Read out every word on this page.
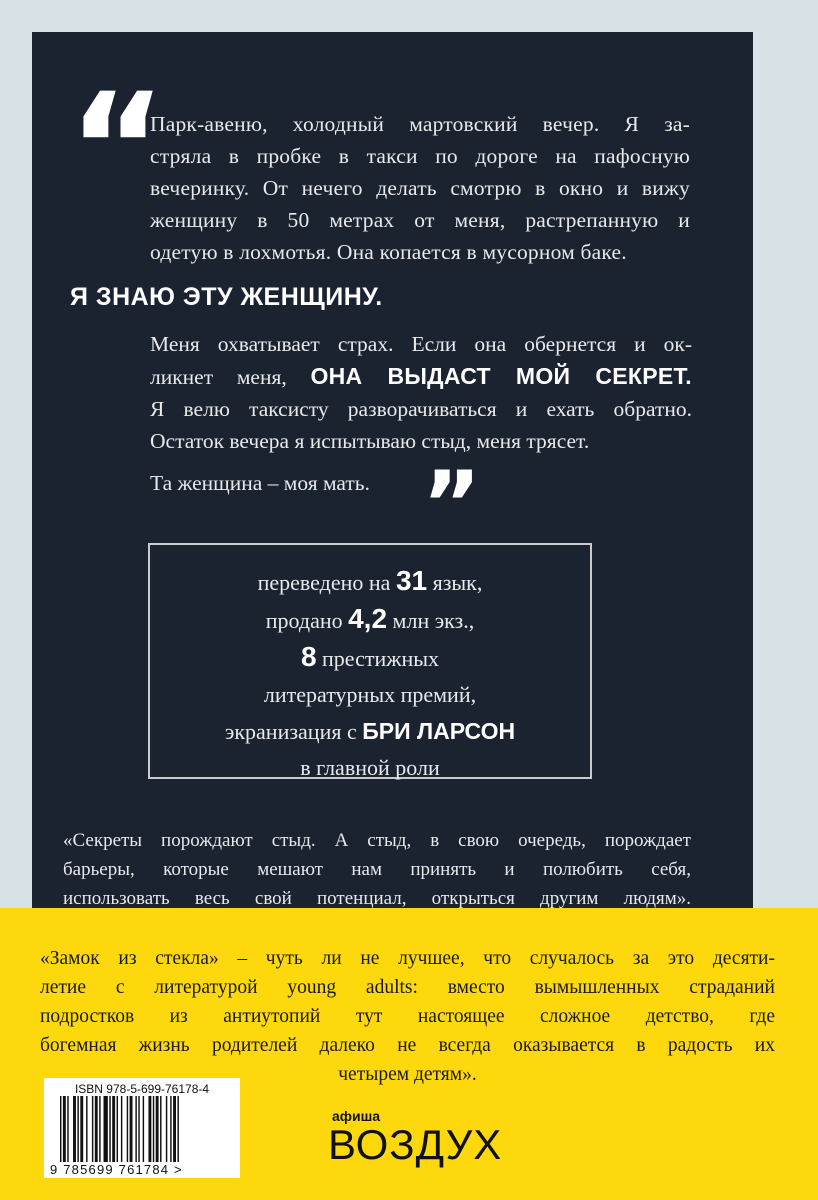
“
Парк-авеню, холодный мартовский вечер. Я за-
стряла в пробке в такси по дороге на пафосную
вечеринку. От нечего делать смотрю в окно и вижу
женщину в 50 метрах от меня, растрепанную и
одетую в лохмотья. Она копается в мусорном баке.
Я ЗНАЮ ЭТУ ЖЕНЩИНУ.
Меня охватывает страх. Если она обернется и ок-
ликнет меня, ОНА ВЫДАСТ МОЙ СЕКРЕТ.
Я велю таксисту разворачиваться и ехать обратно.
Остаток вечера я испытываю стыд, меня трясет.
Та женщина – моя мать. ”
переведено на 31 язык,
продано 4,2 млн экз.,
8 престижных
литературных премий,
экранизация с БРИ ЛАРСОН
в главной роли
«Секреты порождают стыд. А стыд, в свою очередь, порождает
барьеры, которые мешают нам принять и полюбить себя,
использовать весь свой потенциал, открыться другим людям».
«Замок из стекла» – чуть ли не лучшее, что случалось за это десяти-
летие с литературой young adults: вместо вымышленных страданий
подростков из антиутопий тут настоящее сложное детство, где
богемная жизнь родителей далеко не всегда оказывается в радость их
четырем детям».
ISBN 978-5-699-76178-4
9 785699 761784 >
афиша
ВОЗДУХ
